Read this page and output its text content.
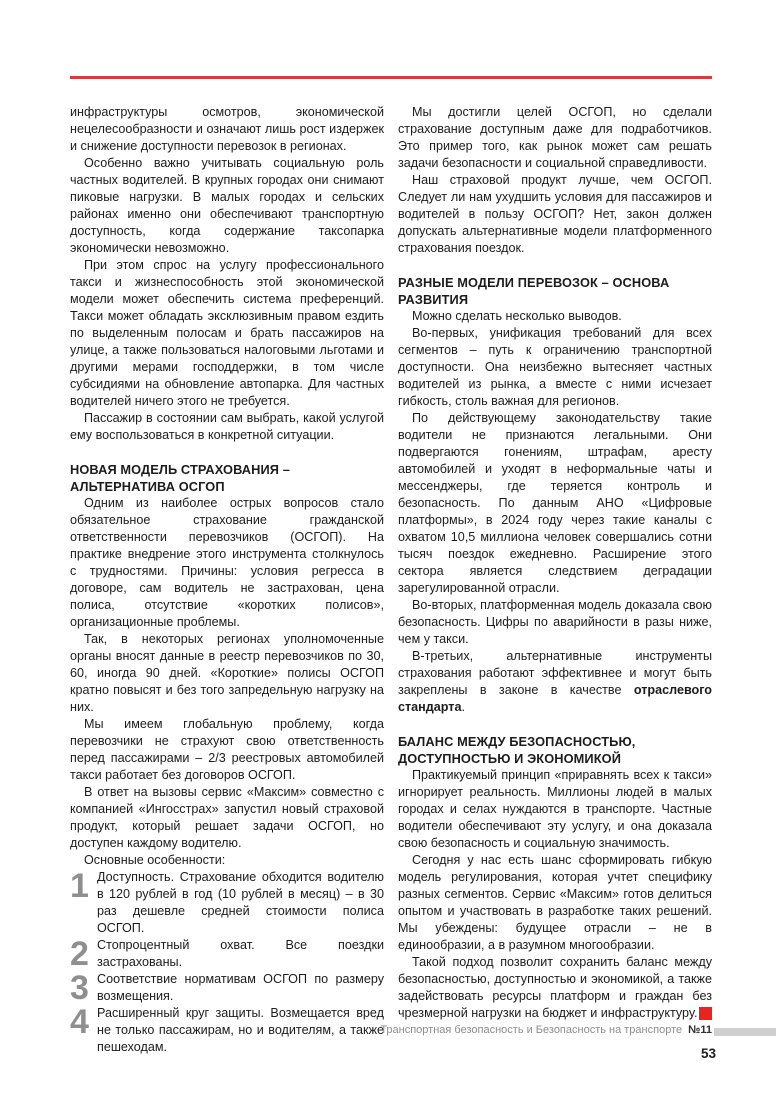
инфраструктуры осмотров, экономической нецелесообразности и означают лишь рост издержек и снижение доступности перевозок в регионах.

Особенно важно учитывать социальную роль частных водителей. В крупных городах они снимают пиковые нагрузки. В малых городах и сельских районах именно они обеспечивают транспортную доступность, когда содержание таксопарка экономически невозможно.

При этом спрос на услугу профессионального такси и жизнеспособность этой экономической модели может обеспечить система преференций. Такси может обладать эксклюзивным правом ездить по выделенным полосам и брать пассажиров на улице, а также пользоваться налоговыми льготами и другими мерами господдержки, в том числе субсидиями на обновление автопарка. Для частных водителей ничего этого не требуется.

Пассажир в состоянии сам выбрать, какой услугой ему воспользоваться в конкретной ситуации.

НОВАЯ МОДЕЛЬ СТРАХОВАНИЯ – АЛЬТЕРНАТИВА ОСГОП

Одним из наиболее острых вопросов стало обязательное страхование гражданской ответственности перевозчиков (ОСГОП). На практике внедрение этого инструмента столкнулось с трудностями. Причины: условия регресса в договоре, сам водитель не застрахован, цена полиса, отсутствие «коротких полисов», организационные проблемы.

Так, в некоторых регионах уполномоченные органы вносят данные в реестр перевозчиков по 30, 60, иногда 90 дней. «Короткие» полисы ОСГОП кратно повысят и без того запредельную нагрузку на них.

Мы имеем глобальную проблему, когда перевозчики не страхуют свою ответственность перед пассажирами – 2/3 реестровых автомобилей такси работает без договоров ОСГОП.

В ответ на вызовы сервис «Максим» совместно с компанией «Ингосстрах» запустил новый страховой продукт, который решает задачи ОСГОП, но доступен каждому водителю.

Основные особенности:

1 Доступность. Страхование обходится водителю в 120 рублей в год (10 рублей в месяц) – в 30 раз дешевле средней стоимости полиса ОСГОП.
2 Стопроцентный охват. Все поездки застрахованы.
3 Соответствие нормативам ОСГОП по размеру возмещения.
4 Расширенный круг защиты. Возмещается вред не только пассажирам, но и водителям, а также пешеходам.

Мы достигли целей ОСГОП, но сделали страхование доступным даже для подработчиков. Это пример того, как рынок может сам решать задачи безопасности и социальной справедливости.

Наш страховой продукт лучше, чем ОСГОП. Следует ли нам ухудшить условия для пассажиров и водителей в пользу ОСГОП? Нет, закон должен допускать альтернативные модели платформенного страхования поездок.

РАЗНЫЕ МОДЕЛИ ПЕРЕВОЗОК – ОСНОВА РАЗВИТИЯ

Можно сделать несколько выводов.

Во-первых, унификация требований для всех сегментов – путь к ограничению транспортной доступности. Она неизбежно вытесняет частных водителей из рынка, а вместе с ними исчезает гибкость, столь важная для регионов.

По действующему законодательству такие водители не признаются легальными. Они подвергаются гонениям, штрафам, аресту автомобилей и уходят в неформальные чаты и мессенджеры, где теряется контроль и безопасность. По данным АНО «Цифровые платформы», в 2024 году через такие каналы с охватом 10,5 миллиона человек совершались сотни тысяч поездок ежедневно. Расширение этого сектора является следствием деградации зарегулированной отрасли.

Во-вторых, платформенная модель доказала свою безопасность. Цифры по аварийности в разы ниже, чем у такси.

В-третьих, альтернативные инструменты страхования работают эффективнее и могут быть закреплены в законе в качестве отраслевого стандарта.

БАЛАНС МЕЖДУ БЕЗОПАСНОСТЬЮ, ДОСТУПНОСТЬЮ И ЭКОНОМИКОЙ

Практикуемый принцип «приравнять всех к такси» игнорирует реальность. Миллионы людей в малых городах и селах нуждаются в транспорте. Частные водители обеспечивают эту услугу, и она доказала свою безопасность и социальную значимость.

Сегодня у нас есть шанс сформировать гибкую модель регулирования, которая учтет специфику разных сегментов. Сервис «Максим» готов делиться опытом и участвовать в разработке таких решений. Мы убеждены: будущее отрасли – не в единообразии, а в разумном многообразии.

Такой подход позволит сохранить баланс между безопасностью, доступностью и экономикой, а также задействовать ресурсы платформ и граждан без чрезмерной нагрузки на бюджет и инфраструктуру.

Транспортная безопасность и Безопасность на транспорте №11
53
